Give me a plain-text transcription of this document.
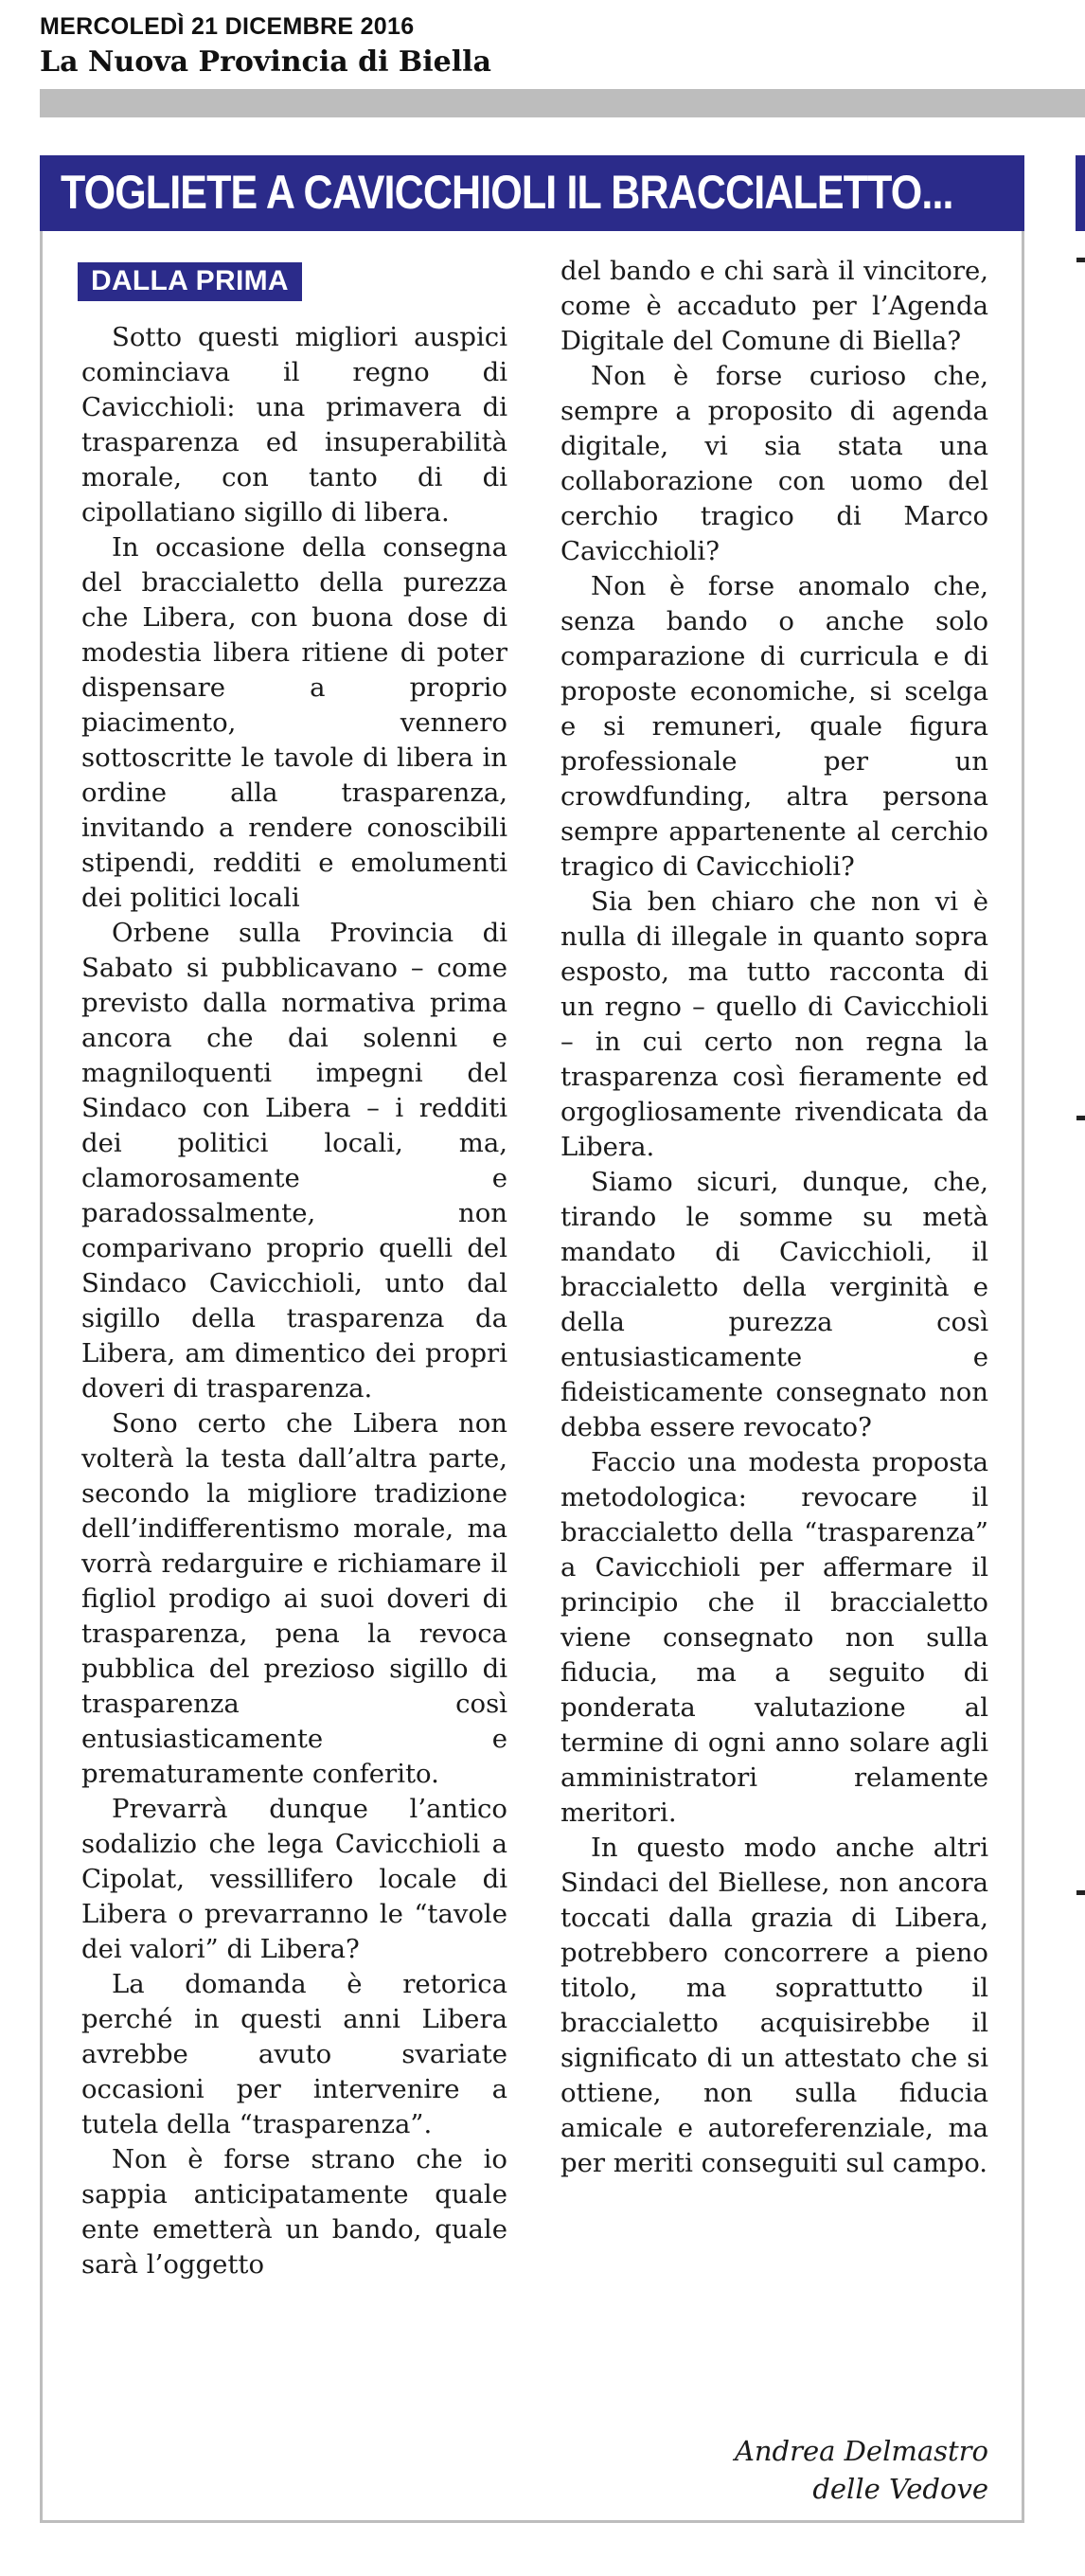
MERCOLEDÌ 21 DICEMBRE 2016
La Nuova Provincia di Biella
TOGLIETE A CAVICCHIOLI IL BRACCIALETTO...
DALLA PRIMA

Sotto questi migliori auspici cominciava il regno di Cavicchioli: una primavera di trasparenza ed insuperabilità morale, con tanto di di cipollatiano sigillo di libera.

In occasione della consegna del braccialetto della purezza che Libera, con buona dose di modestia libera ritiene di poter dispensare a proprio piacimento, vennero sottoscritte le tavole di libera in ordine alla trasparenza, invitando a rendere conoscibili stipendi, redditi e emolumenti dei politici locali

Orbene sulla Provincia di Sabato si pubblicavano – come previsto dalla normativa prima ancora che dai solenni e magniloquenti impegni del Sindaco con Libera – i redditi dei politici locali, ma, clamorosamente e paradossalmente, non comparivano proprio quelli del Sindaco Cavicchioli, unto dal sigillo della trasparenza da Libera, am dimentico dei propri doveri di trasparenza.

Sono certo che Libera non volterà la testa dall’altra parte, secondo la migliore tradizione dell’indifferentismo morale, ma vorrà redarguire e richiamare il figliol prodigo ai suoi doveri di trasparenza, pena la revoca pubblica del prezioso sigillo di trasparenza così entusiasticamente e prematuramente conferito.

Prevarrà dunque l’antico sodalizio che lega Cavicchioli a Cipolat, vessillifero locale di Libera o prevarranno le “tavole dei valori” di Libera?

La domanda è retorica perché in questi anni Libera avrebbe avuto svariate occasioni per intervenire a tutela della “trasparenza”.

Non è forse strano che io sappia anticipatamente quale ente emetterà un bando, quale sarà l’oggetto

del bando e chi sarà il vincitore, come è accaduto per l’Agenda Digitale del Comune di Biella?

Non è forse curioso che, sempre a proposito di agenda digitale, vi sia stata una collaborazione con uomo del cerchio tragico di Marco Cavicchioli?

Non è forse anomalo che, senza bando o anche solo comparazione di curricula e di proposte economiche, si scelga e si remuneri, quale figura professionale per un crowdfunding, altra persona sempre appartenente al cerchio tragico di Cavicchioli?

Sia ben chiaro che non vi è nulla di illegale in quanto sopra esposto, ma tutto racconta di un regno – quello di Cavicchioli – in cui certo non regna la trasparenza così fieramente ed orgogliosamente rivendicata da Libera.

Siamo sicuri, dunque, che, tirando le somme su metà mandato di Cavicchioli, il braccialetto della verginità e della purezza così entusiasticamente e fideisticamente consegnato non debba essere revocato?

Faccio una modesta proposta metodologica: revocare il braccialetto della “trasparenza” a Cavicchioli per affermare il principio che il braccialetto viene consegnato non sulla fiducia, ma a seguito di ponderata valutazione al termine di ogni anno solare agli amministratori relamente meritori.

In questo modo anche altri Sindaci del Biellese, non ancora toccati dalla grazia di Libera, potrebbero concorrere a pieno titolo, ma soprattutto il braccialetto acquisirebbe il significato di un attestato che si ottiene, non sulla fiducia amicale e autoreferenziale, ma per meriti conseguiti sul campo.

Andrea Delmastro
delle Vedove
